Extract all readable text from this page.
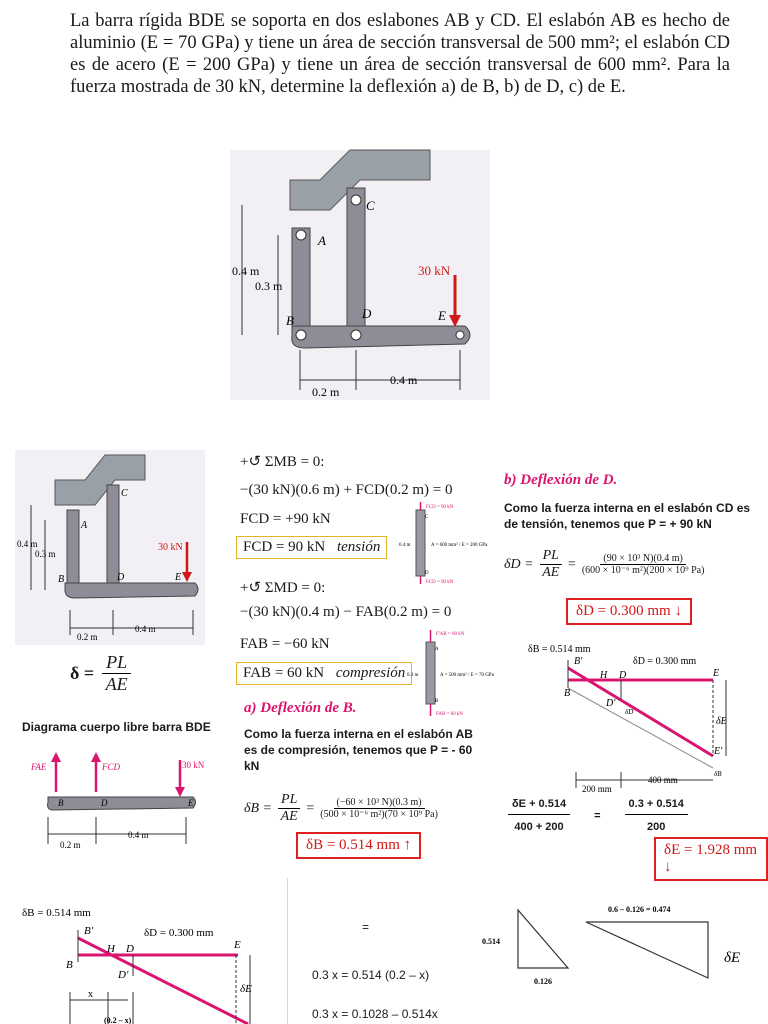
La barra rígida BDE se soporta en dos eslabones AB y CD. El eslabón AB es hecho de aluminio (E = 70 GPa) y tiene un área de sección transversal de 500 mm²; el eslabón CD es de acero (E = 200 GPa) y tiene un área de sección transversal de 600 mm². Para la fuerza mostrada de 30 kN, determine la deflexión a) de B, b) de D, c) de E.

A
B
C
D	E
30 kN
0.4 m
0.3 m
0.2 m
0.4 m
A
B
C
D	E
30 kN
0.4 m
0.3 m
0.2 m
0.4 m
$\delta = \frac{PL}{AE}$
Diagrama cuerpo libre barra BDE
FAE	FCD	30 kN
B	D	E
0.2 m
0.4 m
+↺ ΣMB = 0:
−(30 kN)(0.6 m) + FCD(0.2 m) = 0
FCD = +90 kN
FCD = 90 kN tensión
+↺ ΣMD = 0:
−(30 kN)(0.4 m) − FAB(0.2 m) = 0
FAB = −60 kN
FAB = 60 kN compresión
FCD = 90 kN
FCD = 90 kN
0.4 m	A = 600 mm² / E = 200 GPa
C
D
F'AB = 60 kN
FAB = 60 kN
0.3 m	A = 500 mm² / E = 70 GPa
A
B
a) Deflexión de B.
Como la fuerza interna en el eslabón AB es de compresión, tenemos que P = - 60 kN
$\delta B = \frac{PL}{AE} = \frac{\text{(−60 × 10³ N)(0.3 m)}}{\text{(500 × 10⁻⁶ m²)(70 × 10⁹ Pa)}}$
δB = 0.514 mm ↑
b) Deflexión de D.
Como la fuerza interna en el eslabón CD es de tensión, tenemos que P = + 90 kN
$\delta D = \frac{PL}{AE} = \frac{\text{(90 × 10³ N)(0.4 m)}}{\text{(600 × 10⁻⁶ m²)(200 × 10⁹ Pa)}}$
δD = 0.300 mm ↓
δB = 0.514 mm
δD = 0.300 mm
B'
B
H D
D'
E
E'
δE
δD
δB
200 mm
400 mm
$\frac{\delta E + 0.514}{400 + 200} = \frac{0.3 + 0.514}{200}$
δE = 1.928 mm ↓
δB = 0.514 mm
δD = 0.300 mm
B'
B
H D
D'
E
δE
x
(0.2 – x)
=
0.3 x = 0.514 (0.2 – x)
0.3 x = 0.1028 – 0.514x
0.6 – 0.126 = 0.474
0.514
0.126
δE
